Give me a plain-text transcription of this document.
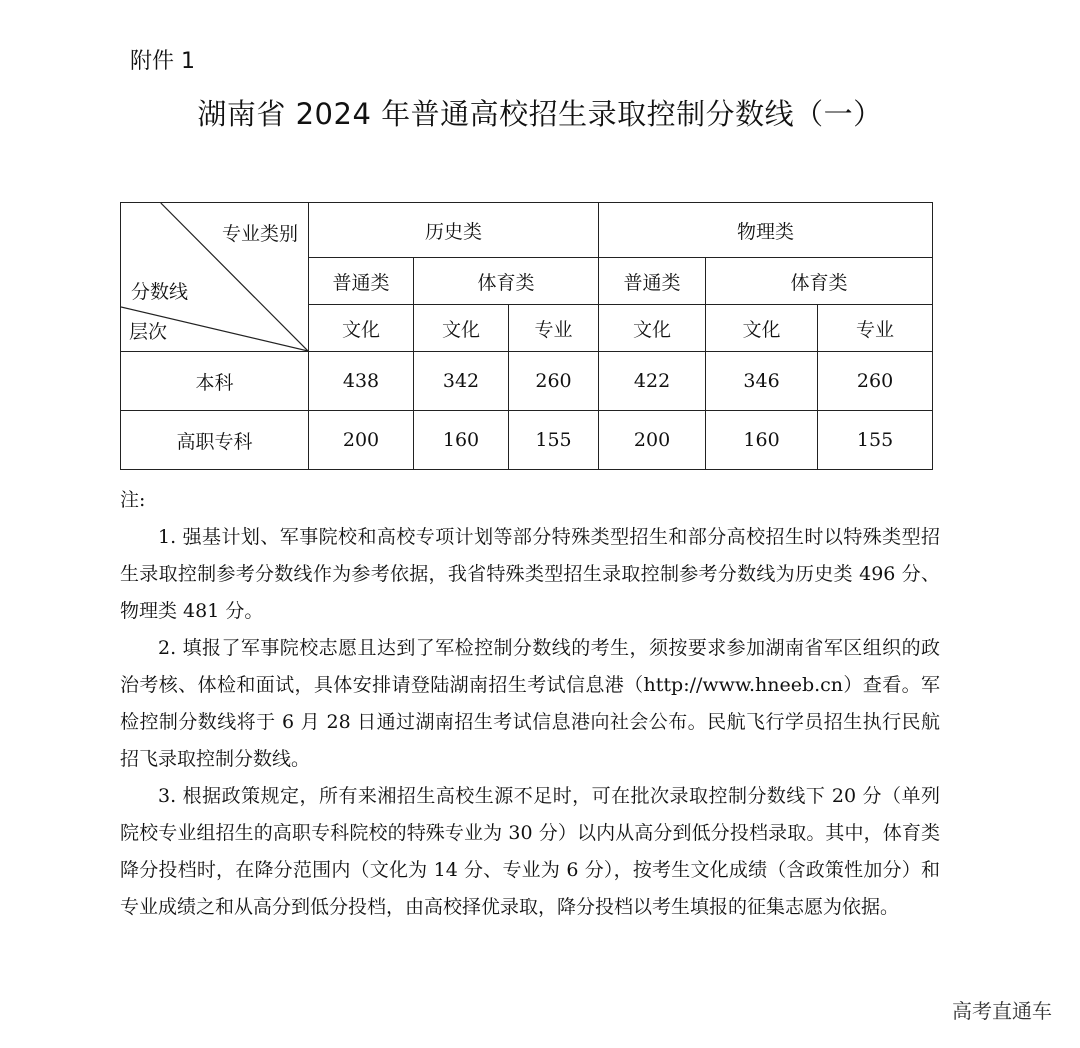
附件 1
湖南省 2024 年普通高校招生录取控制分数线（一）
专业类别
分数线
层次	历史类			物理类		
	普通类	体育类		普通类	体育类	
	文化	文化	专业	文化	文化	专业
本科	438	342	260	422	346	260
高职专科	200	160	155	200	160	155

注:

1. 强基计划、军事院校和高校专项计划等部分特殊类型招生和部分高校招生时以特殊类型招生录取控制参考分数线作为参考依据，我省特殊类型招生录取控制参考分数线为历史类 496 分、物理类 481 分。

2. 填报了军事院校志愿且达到了军检控制分数线的考生，须按要求参加湖南省军区组织的政治考核、体检和面试，具体安排请登陆湖南招生考试信息港（http://www.hneeb.cn）查看。军检控制分数线将于 6 月 28 日通过湖南招生考试信息港向社会公布。民航飞行学员招生执行民航招飞录取控制分数线。

3. 根据政策规定，所有来湘招生高校生源不足时，可在批次录取控制分数线下 20 分（单列院校专业组招生的高职专科院校的特殊专业为 30 分）以内从高分到低分投档录取。其中，体育类降分投档时，在降分范围内（文化为 14 分、专业为 6 分），按考生文化成绩（含政策性加分）和专业成绩之和从高分到低分投档，由高校择优录取，降分投档以考生填报的征集志愿为依据。

高考直通车
